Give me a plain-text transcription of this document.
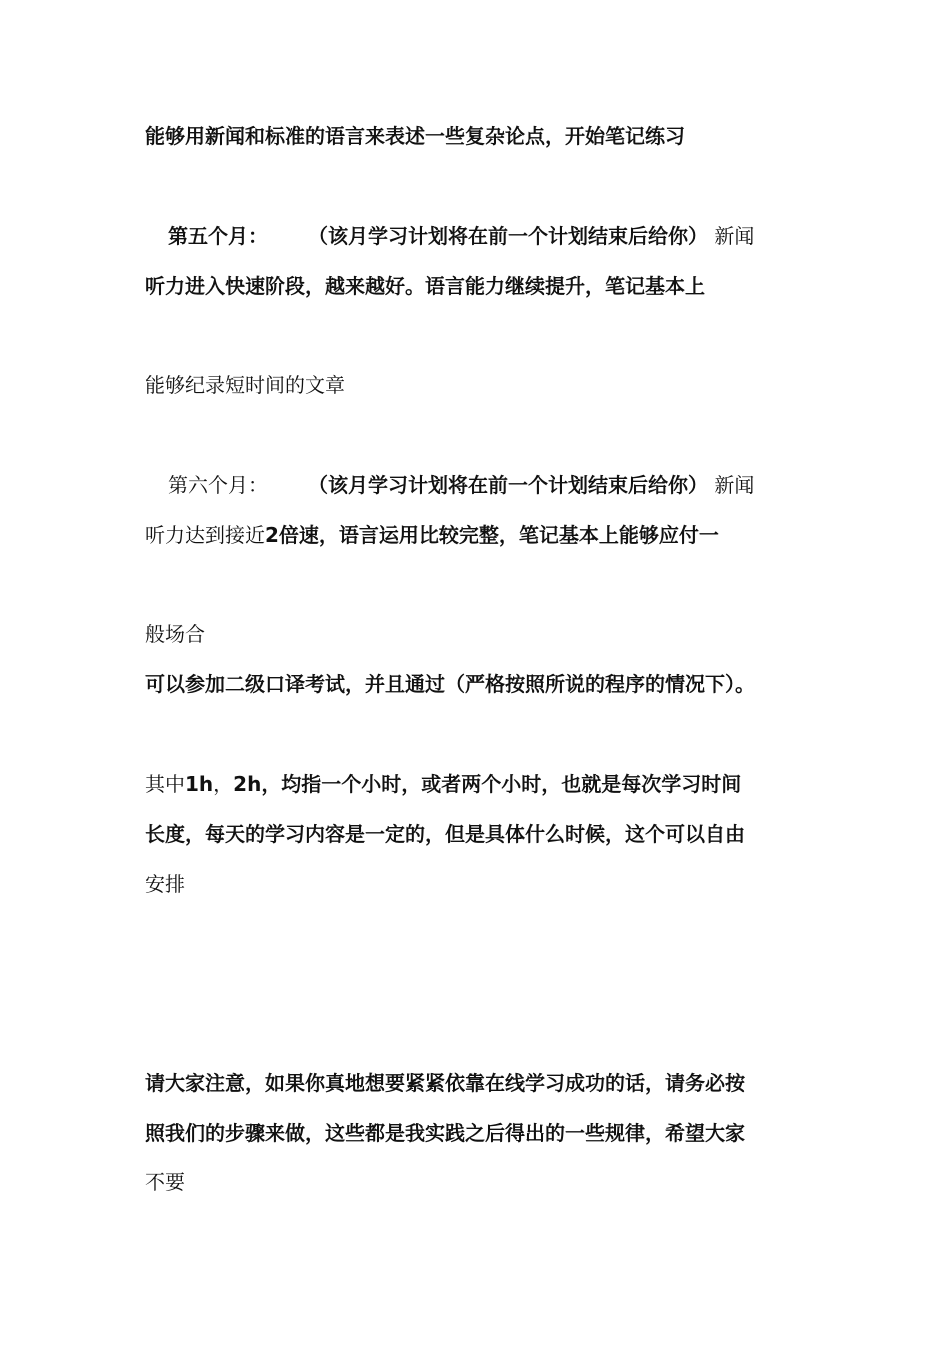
能够用新闻和标准的语言来表述一些复杂论点，开始笔记练习

第五个月： （该月学习计划将在前一个计划结束后给你） 新闻

听力进入快速阶段，越来越好。语言能力继续提升，笔记基本上

能够纪录短时间的文章

第六个月： （该月学习计划将在前一个计划结束后给你） 新闻

听力达到接近2倍速，语言运用比较完整，笔记基本上能够应付一

般场合

可以参加二级口译考试，并且通过（严格按照所说的程序的情况下）。

其中1h，2h，均指一个小时，或者两个小时，也就是每次学习时间

长度，每天的学习内容是一定的，但是具体什么时候，这个可以自由

安排

请大家注意，如果你真地想要紧紧依靠在线学习成功的话，请务必按

照我们的步骤来做，这些都是我实践之后得出的一些规律，希望大家

不要
